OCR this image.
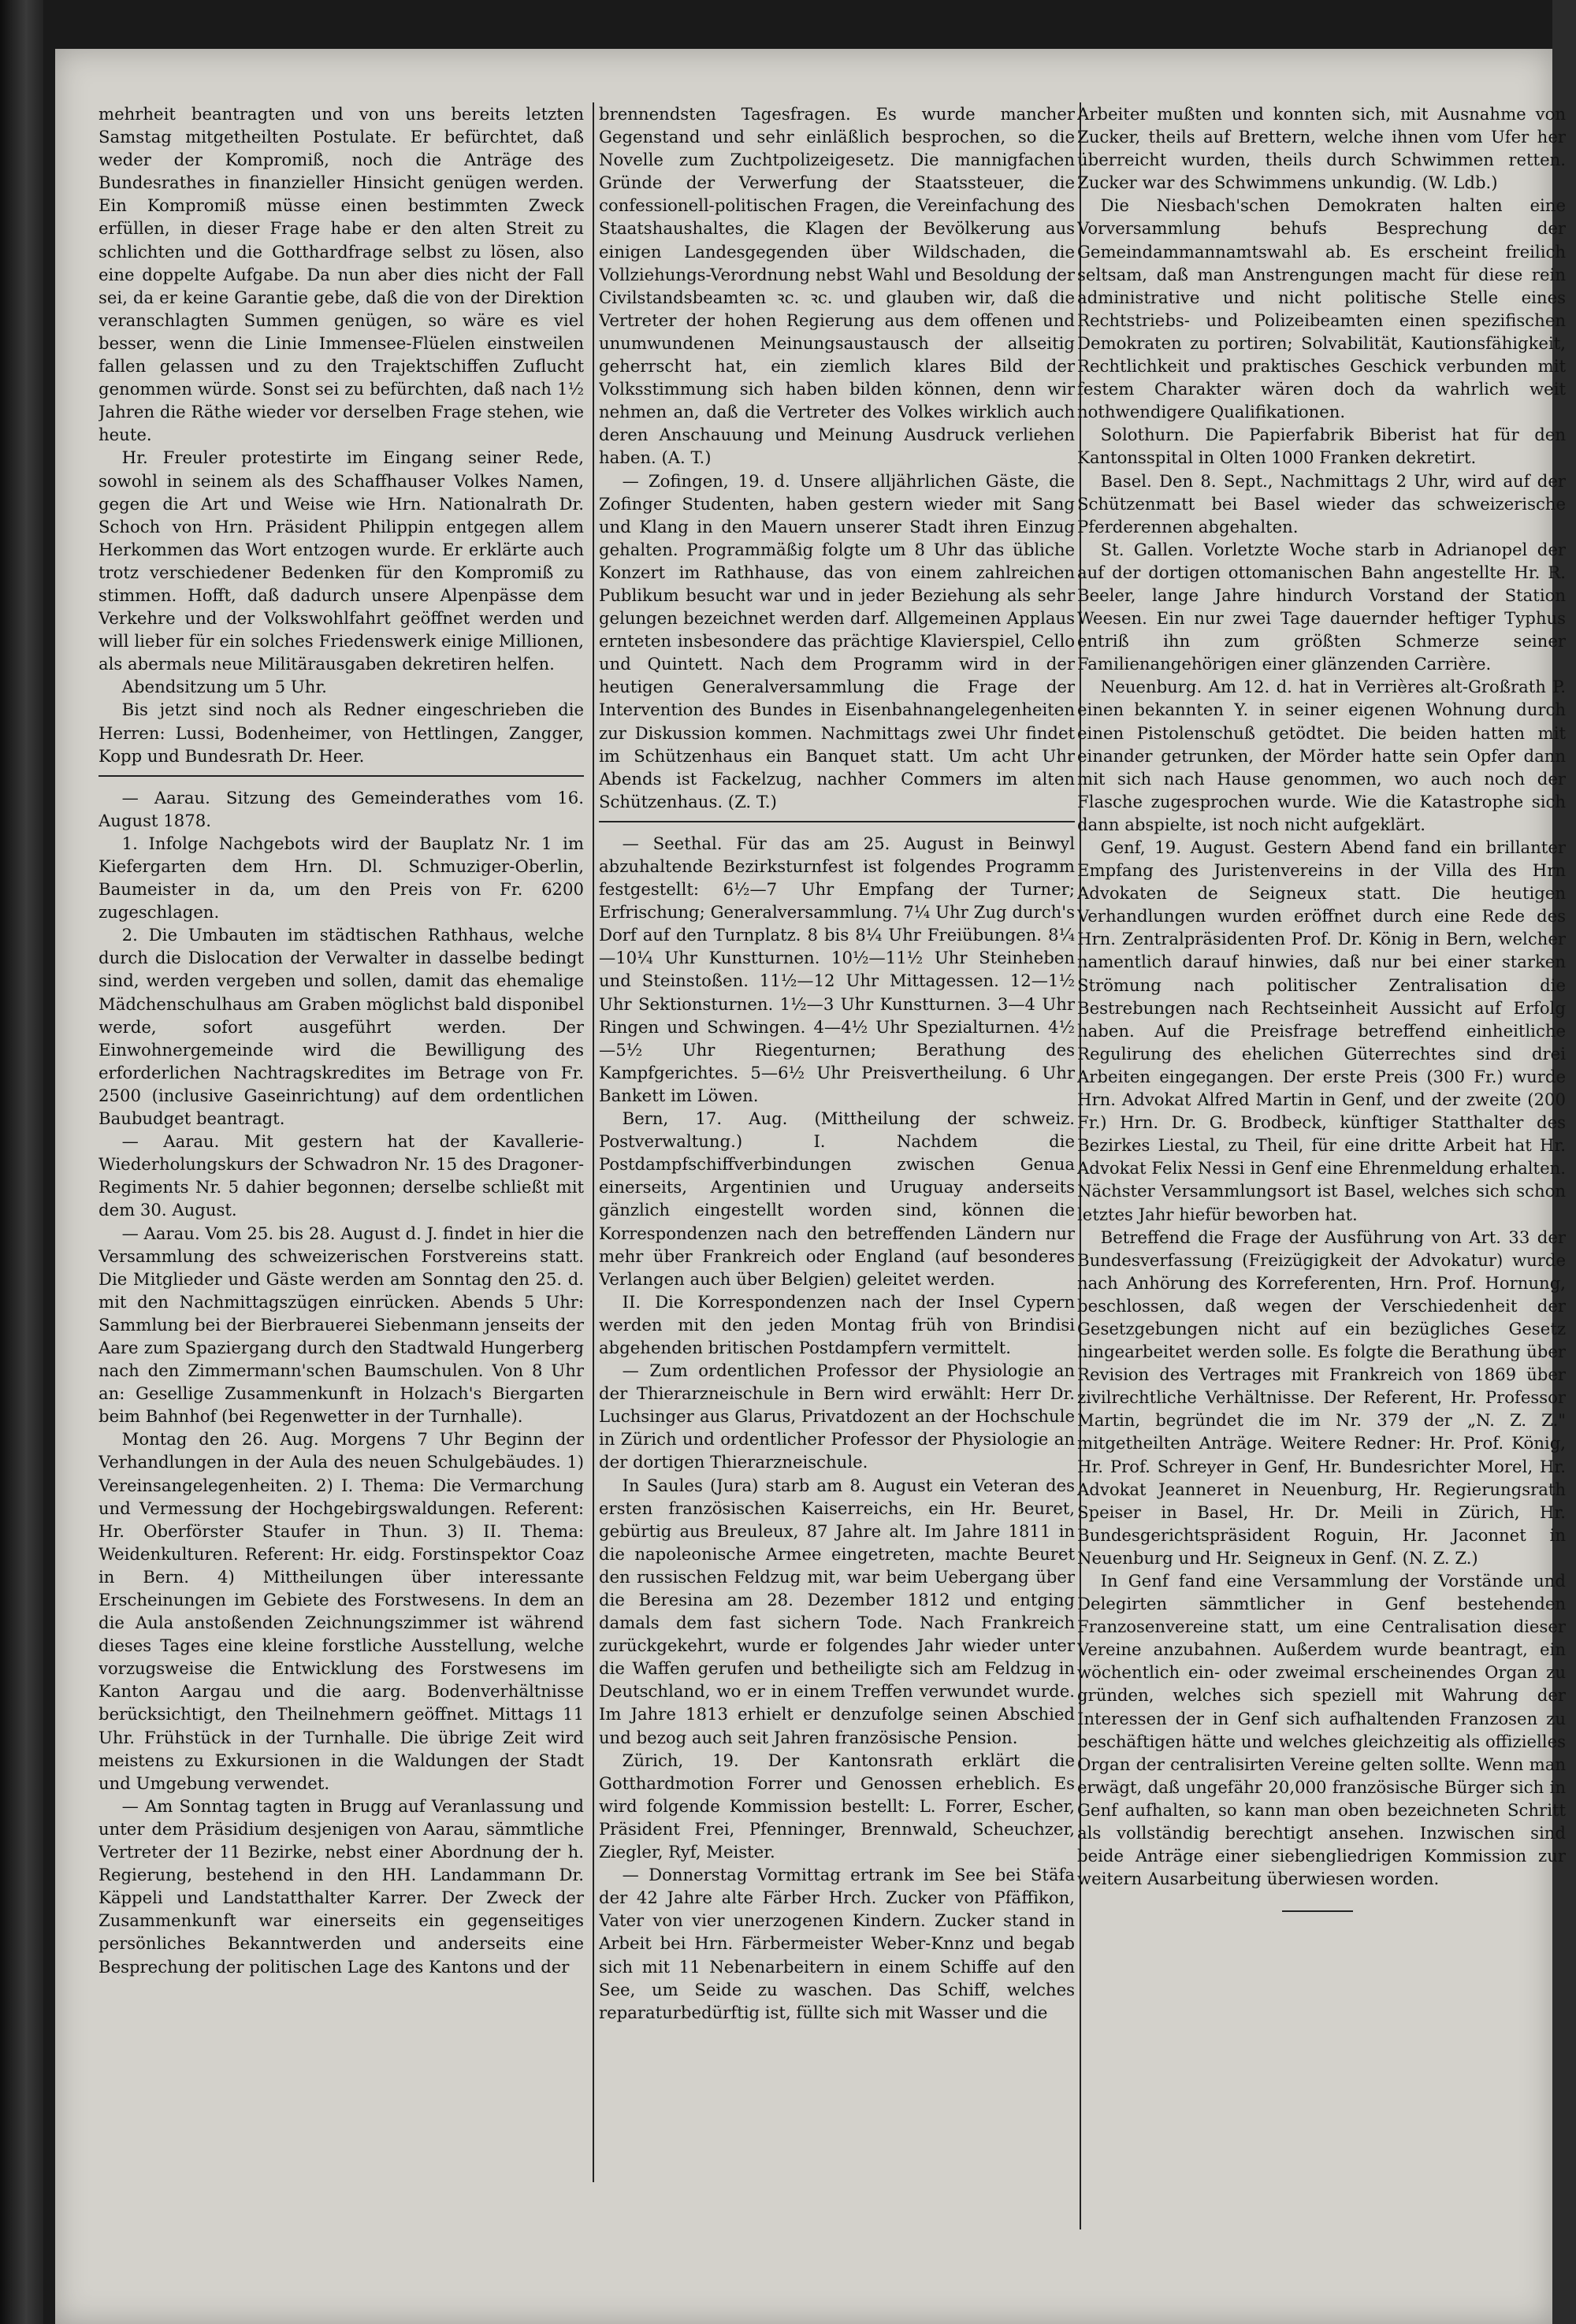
mehrheit beantragten und von uns bereits letzten Samstag mitgetheilten Postulate. Er befürchtet, daß weder der Kompromiß, noch die Anträge des Bundesrathes in finanzieller Hinsicht genügen werden. Ein Kompromiß müsse einen bestimmten Zweck erfüllen, in dieser Frage habe er den alten Streit zu schlichten und die Gotthardfrage selbst zu lösen, also eine doppelte Aufgabe. Da nun aber dies nicht der Fall sei, da er keine Garantie gebe, daß die von der Direktion veranschlagten Summen genügen, so wäre es viel besser, wenn die Linie Immensee-Flüelen einstweilen fallen gelassen und zu den Trajektschiffen Zuflucht genommen würde. Sonst sei zu befürchten, daß nach 1½ Jahren die Räthe wieder vor derselben Frage stehen, wie heute.

Hr. Freuler protestirte im Eingang seiner Rede, sowohl in seinem als des Schaffhauser Volkes Namen, gegen die Art und Weise wie Hrn. Nationalrath Dr. Schoch von Hrn. Präsident Philippin entgegen allem Herkommen das Wort entzogen wurde. Er erklärte auch trotz verschiedener Bedenken für den Kompromiß zu stimmen. Hofft, daß dadurch unsere Alpenpässe dem Verkehre und der Volkswohlfahrt geöffnet werden und will lieber für ein solches Friedenswerk einige Millionen, als abermals neue Militärausgaben dekretiren helfen.

Abendsitzung um 5 Uhr.

Bis jetzt sind noch als Redner eingeschrieben die Herren: Lussi, Bodenheimer, von Hettlingen, Zangger, Kopp und Bundesrath Dr. Heer.

— Aarau. Sitzung des Gemeinderathes vom 16. August 1878.

1. Infolge Nachgebots wird der Bauplatz Nr. 1 im Kiefergarten dem Hrn. Dl. Schmuziger-Oberlin, Baumeister in da, um den Preis von Fr. 6200 zugeschlagen.

2. Die Umbauten im städtischen Rathhaus, welche durch die Dislocation der Verwalter in dasselbe bedingt sind, werden vergeben und sollen, damit das ehemalige Mädchenschulhaus am Graben möglichst bald disponibel werde, sofort ausgeführt werden. Der Einwohnergemeinde wird die Bewilligung des erforderlichen Nachtragskredites im Betrage von Fr. 2500 (inclusive Gaseinrichtung) auf dem ordentlichen Baubudget beantragt.

— Aarau. Mit gestern hat der Kavallerie-Wiederholungskurs der Schwadron Nr. 15 des Dragoner-Regiments Nr. 5 dahier begonnen; derselbe schließt mit dem 30. August.

— Aarau. Vom 25. bis 28. August d. J. findet in hier die Versammlung des schweizerischen Forstvereins statt. Die Mitglieder und Gäste werden am Sonntag den 25. d. mit den Nachmittagszügen einrücken. Abends 5 Uhr: Sammlung bei der Bierbrauerei Siebenmann jenseits der Aare zum Spaziergang durch den Stadtwald Hungerberg nach den Zimmermann'schen Baumschulen. Von 8 Uhr an: Gesellige Zusammenkunft in Holzach's Biergarten beim Bahnhof (bei Regenwetter in der Turnhalle).

Montag den 26. Aug. Morgens 7 Uhr Beginn der Verhandlungen in der Aula des neuen Schulgebäudes. 1) Vereinsangelegenheiten. 2) I. Thema: Die Vermarchung und Vermessung der Hochgebirgswaldungen. Referent: Hr. Oberförster Staufer in Thun. 3) II. Thema: Weidenkulturen. Referent: Hr. eidg. Forstinspektor Coaz in Bern. 4) Mittheilungen über interessante Erscheinungen im Gebiete des Forstwesens. In dem an die Aula anstoßenden Zeichnungszimmer ist während dieses Tages eine kleine forstliche Ausstellung, welche vorzugsweise die Entwicklung des Forstwesens im Kanton Aargau und die aarg. Bodenverhältnisse berücksichtigt, den Theilnehmern geöffnet. Mittags 11 Uhr. Frühstück in der Turnhalle. Die übrige Zeit wird meistens zu Exkursionen in die Waldungen der Stadt und Umgebung verwendet.

— Am Sonntag tagten in Brugg auf Veranlassung und unter dem Präsidium desjenigen von Aarau, sämmtliche Vertreter der 11 Bezirke, nebst einer Abordnung der h. Regierung, bestehend in den HH. Landammann Dr. Käppeli und Landstatthalter Karrer. Der Zweck der Zusammenkunft war einerseits ein gegenseitiges persönliches Bekanntwerden und anderseits eine Besprechung der politischen Lage des Kantons und der

brennendsten Tagesfragen. Es wurde mancher Gegenstand und sehr einläßlich besprochen, so die Novelle zum Zuchtpolizeigesetz. Die mannigfachen Gründe der Verwerfung der Staatssteuer, die confessionell-politischen Fragen, die Vereinfachung des Staatshaushaltes, die Klagen der Bevölkerung aus einigen Landesgegenden über Wildschaden, die Vollziehungs-Verordnung nebst Wahl und Besoldung der Civilstandsbeamten ꝛc. ꝛc. und glauben wir, daß die Vertreter der hohen Regierung aus dem offenen und unumwundenen Meinungsaustausch der allseitig geherrscht hat, ein ziemlich klares Bild der Volksstimmung sich haben bilden können, denn wir nehmen an, daß die Vertreter des Volkes wirklich auch deren Anschauung und Meinung Ausdruck verliehen haben. (A. T.)

— Zofingen, 19. d. Unsere alljährlichen Gäste, die Zofinger Studenten, haben gestern wieder mit Sang und Klang in den Mauern unserer Stadt ihren Einzug gehalten. Programmäßig folgte um 8 Uhr das übliche Konzert im Rathhause, das von einem zahlreichen Publikum besucht war und in jeder Beziehung als sehr gelungen bezeichnet werden darf. Allgemeinen Applaus ernteten insbesondere das prächtige Klavierspiel, Cello und Quintett. Nach dem Programm wird in der heutigen Generalversammlung die Frage der Intervention des Bundes in Eisenbahnangelegenheiten zur Diskussion kommen. Nachmittags zwei Uhr findet im Schützenhaus ein Banquet statt. Um acht Uhr Abends ist Fackelzug, nachher Commers im alten Schützenhaus. (Z. T.)

— Seethal. Für das am 25. August in Beinwyl abzuhaltende Bezirksturnfest ist folgendes Programm festgestellt: 6½—7 Uhr Empfang der Turner; Erfrischung; Generalversammlung. 7¼ Uhr Zug durch's Dorf auf den Turnplatz. 8 bis 8¼ Uhr Freiübungen. 8¼—10¼ Uhr Kunstturnen. 10½—11½ Uhr Steinheben und Steinstoßen. 11½—12 Uhr Mittagessen. 12—1½ Uhr Sektionsturnen. 1½—3 Uhr Kunstturnen. 3—4 Uhr Ringen und Schwingen. 4—4½ Uhr Spezialturnen. 4½—5½ Uhr Riegenturnen; Berathung des Kampfgerichtes. 5—6½ Uhr Preisvertheilung. 6 Uhr Bankett im Löwen.

Bern, 17. Aug. (Mittheilung der schweiz. Postverwaltung.) I. Nachdem die Postdampfschiffverbindungen zwischen Genua einerseits, Argentinien und Uruguay anderseits gänzlich eingestellt worden sind, können die Korrespondenzen nach den betreffenden Ländern nur mehr über Frankreich oder England (auf besonderes Verlangen auch über Belgien) geleitet werden.

II. Die Korrespondenzen nach der Insel Cypern werden mit den jeden Montag früh von Brindisi abgehenden britischen Postdampfern vermittelt.

— Zum ordentlichen Professor der Physiologie an der Thierarzneischule in Bern wird erwählt: Herr Dr. Luchsinger aus Glarus, Privatdozent an der Hochschule in Zürich und ordentlicher Professor der Physiologie an der dortigen Thierarzneischule.

In Saules (Jura) starb am 8. August ein Veteran des ersten französischen Kaiserreichs, ein Hr. Beuret, gebürtig aus Breuleux, 87 Jahre alt. Im Jahre 1811 in die napoleonische Armee eingetreten, machte Beuret den russischen Feldzug mit, war beim Uebergang über die Beresina am 28. Dezember 1812 und entging damals dem fast sichern Tode. Nach Frankreich zurückgekehrt, wurde er folgendes Jahr wieder unter die Waffen gerufen und betheiligte sich am Feldzug in Deutschland, wo er in einem Treffen verwundet wurde. Im Jahre 1813 erhielt er denzufolge seinen Abschied und bezog auch seit Jahren französische Pension.

Zürich, 19. Der Kantonsrath erklärt die Gotthardmotion Forrer und Genossen erheblich. Es wird folgende Kommission bestellt: L. Forrer, Escher, Präsident Frei, Pfenninger, Brennwald, Scheuchzer, Ziegler, Ryf, Meister.

— Donnerstag Vormittag ertrank im See bei Stäfa der 42 Jahre alte Färber Hrch. Zucker von Pfäffikon, Vater von vier unerzogenen Kindern. Zucker stand in Arbeit bei Hrn. Färbermeister Weber-Knnz und begab sich mit 11 Nebenarbeitern in einem Schiffe auf den See, um Seide zu waschen. Das Schiff, welches reparaturbedürftig ist, füllte sich mit Wasser und die

Arbeiter mußten und konnten sich, mit Ausnahme von Zucker, theils auf Brettern, welche ihnen vom Ufer her überreicht wurden, theils durch Schwimmen retten. Zucker war des Schwimmens unkundig. (W. Ldb.)

Die Niesbach'schen Demokraten halten eine Vorversammlung behufs Besprechung der Gemeindammannamtswahl ab. Es erscheint freilich seltsam, daß man Anstrengungen macht für diese rein administrative und nicht politische Stelle eines Rechtstriebs- und Polizeibeamten einen spezifischen Demokraten zu portiren; Solvabilität, Kautionsfähigkeit, Rechtlichkeit und praktisches Geschick verbunden mit festem Charakter wären doch da wahrlich weit nothwendigere Qualifikationen.

Solothurn. Die Papierfabrik Biberist hat für den Kantonsspital in Olten 1000 Franken dekretirt.

Basel. Den 8. Sept., Nachmittags 2 Uhr, wird auf der Schützenmatt bei Basel wieder das schweizerische Pferderennen abgehalten.

St. Gallen. Vorletzte Woche starb in Adrianopel der auf der dortigen ottomanischen Bahn angestellte Hr. R. Beeler, lange Jahre hindurch Vorstand der Station Weesen. Ein nur zwei Tage dauernder heftiger Typhus entriß ihn zum größten Schmerze seiner Familienangehörigen einer glänzenden Carrière.

Neuenburg. Am 12. d. hat in Verrières alt-Großrath P. einen bekannten Y. in seiner eigenen Wohnung durch einen Pistolenschuß getödtet. Die beiden hatten mit einander getrunken, der Mörder hatte sein Opfer dann mit sich nach Hause genommen, wo auch noch der Flasche zugesprochen wurde. Wie die Katastrophe sich dann abspielte, ist noch nicht aufgeklärt.

Genf, 19. August. Gestern Abend fand ein brillanter Empfang des Juristenvereins in der Villa des Hrn Advokaten de Seigneux statt. Die heutigen Verhandlungen wurden eröffnet durch eine Rede des Hrn. Zentralpräsidenten Prof. Dr. König in Bern, welcher namentlich darauf hinwies, daß nur bei einer starken Strömung nach politischer Zentralisation die Bestrebungen nach Rechtseinheit Aussicht auf Erfolg haben. Auf die Preisfrage betreffend einheitliche Regulirung des ehelichen Güterrechtes sind drei Arbeiten eingegangen. Der erste Preis (300 Fr.) wurde Hrn. Advokat Alfred Martin in Genf, und der zweite (200 Fr.) Hrn. Dr. G. Brodbeck, künftiger Statthalter des Bezirkes Liestal, zu Theil, für eine dritte Arbeit hat Hr. Advokat Felix Nessi in Genf eine Ehrenmeldung erhalten. Nächster Versammlungsort ist Basel, welches sich schon letztes Jahr hiefür beworben hat.

Betreffend die Frage der Ausführung von Art. 33 der Bundesverfassung (Freizügigkeit der Advokatur) wurde nach Anhörung des Korreferenten, Hrn. Prof. Hornung, beschlossen, daß wegen der Verschiedenheit der Gesetzgebungen nicht auf ein bezügliches Gesetz hingearbeitet werden solle. Es folgte die Berathung über Revision des Vertrages mit Frankreich von 1869 über zivilrechtliche Verhältnisse. Der Referent, Hr. Professor Martin, begründet die im Nr. 379 der „N. Z. Z." mitgetheilten Anträge. Weitere Redner: Hr. Prof. König, Hr. Prof. Schreyer in Genf, Hr. Bundesrichter Morel, Hr. Advokat Jeanneret in Neuenburg, Hr. Regierungsrath Speiser in Basel, Hr. Dr. Meili in Zürich, Hr. Bundesgerichtspräsident Roguin, Hr. Jaconnet in Neuenburg und Hr. Seigneux in Genf. (N. Z. Z.)

In Genf fand eine Versammlung der Vorstände und Delegirten sämmtlicher in Genf bestehenden Franzosenvereine statt, um eine Centralisation dieser Vereine anzubahnen. Außerdem wurde beantragt, ein wöchentlich ein- oder zweimal erscheinendes Organ zu gründen, welches sich speziell mit Wahrung der Interessen der in Genf sich aufhaltenden Franzosen zu beschäftigen hätte und welches gleichzeitig als offizielles Organ der centralisirten Vereine gelten sollte. Wenn man erwägt, daß ungefähr 20,000 französische Bürger sich in Genf aufhalten, so kann man oben bezeichneten Schritt als vollständig berechtigt ansehen. Inzwischen sind beide Anträge einer siebengliedrigen Kommission zur weitern Ausarbeitung überwiesen worden.
